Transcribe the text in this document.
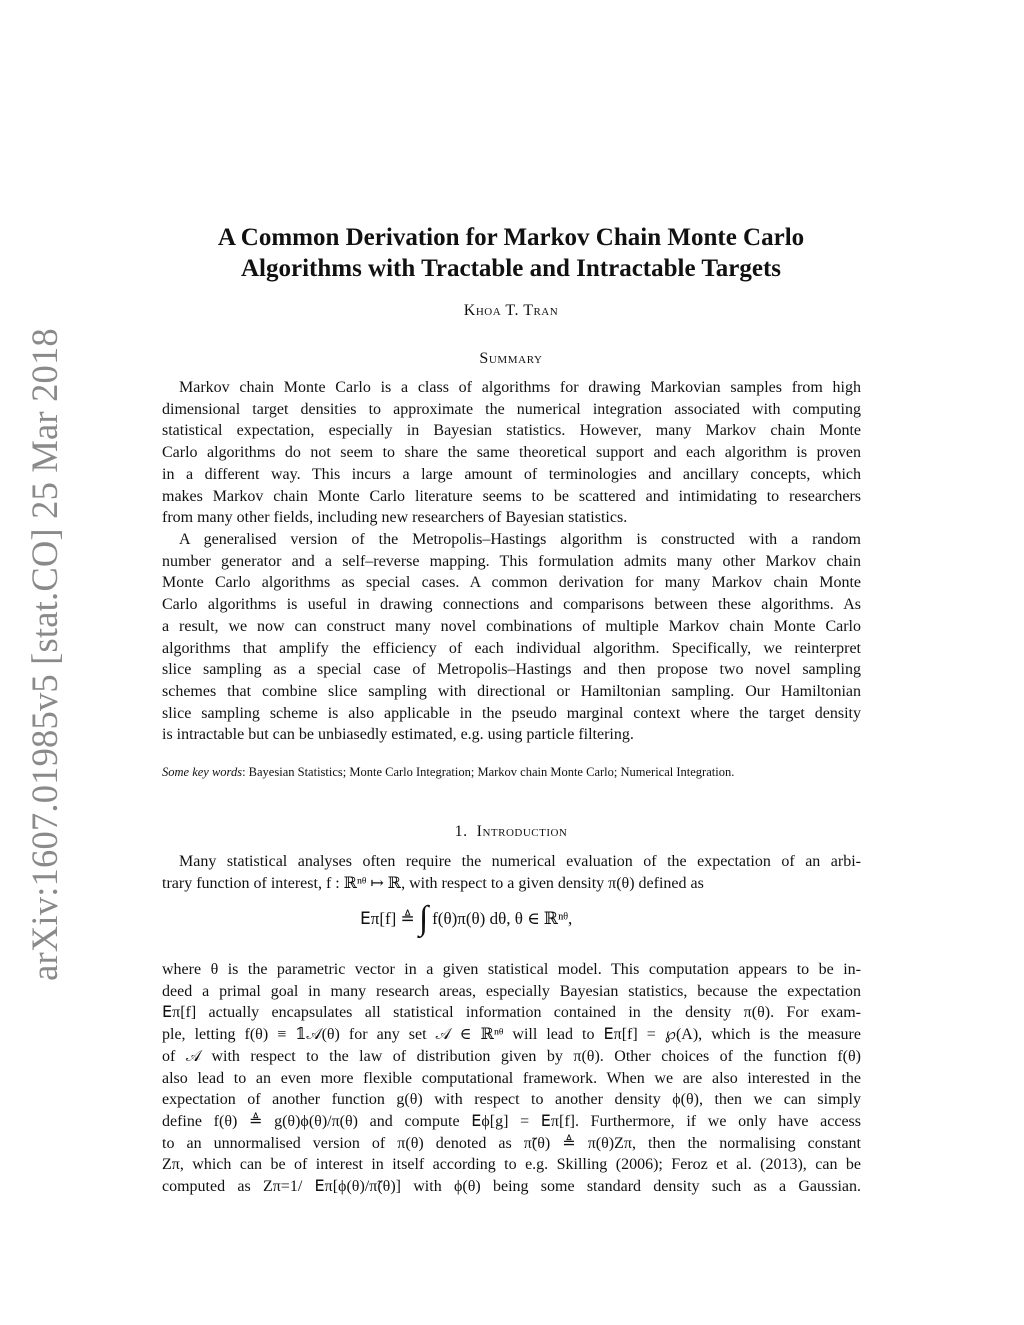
arXiv:1607.01985v5 [stat.CO] 25 Mar 2018
A Common Derivation for Markov Chain Monte Carlo
Algorithms with Tractable and Intractable Targets
Khoa T. Tran
Summary
Markov chain Monte Carlo is a class of algorithms for drawing Markovian samples from high
dimensional target densities to approximate the numerical integration associated with computing
statistical expectation, especially in Bayesian statistics. However, many Markov chain Monte
Carlo algorithms do not seem to share the same theoretical support and each algorithm is proven
in a different way. This incurs a large amount of terminologies and ancillary concepts, which
makes Markov chain Monte Carlo literature seems to be scattered and intimidating to researchers
from many other fields, including new researchers of Bayesian statistics.
A generalised version of the Metropolis–Hastings algorithm is constructed with a random
number generator and a self–reverse mapping. This formulation admits many other Markov chain
Monte Carlo algorithms as special cases. A common derivation for many Markov chain Monte
Carlo algorithms is useful in drawing connections and comparisons between these algorithms. As
a result, we now can construct many novel combinations of multiple Markov chain Monte Carlo
algorithms that amplify the efficiency of each individual algorithm. Specifically, we reinterpret
slice sampling as a special case of Metropolis–Hastings and then propose two novel sampling
schemes that combine slice sampling with directional or Hamiltonian sampling. Our Hamiltonian
slice sampling scheme is also applicable in the pseudo marginal context where the target density
is intractable but can be unbiasedly estimated, e.g. using particle filtering.
Some key words: Bayesian Statistics; Monte Carlo Integration; Markov chain Monte Carlo; Numerical Integration.
1. Introduction
Many statistical analyses often require the numerical evaluation of the expectation of an arbi-
trary function of interest, f : ℝⁿᶿ ↦ ℝ, with respect to a given density π(θ) defined as
𝖤π[f] ≜ ∫ f(θ)π(θ) dθ, θ ∈ ℝⁿᶿ,
where θ is the parametric vector in a given statistical model. This computation appears to be in-
deed a primal goal in many research areas, especially Bayesian statistics, because the expectation
𝖤π[f] actually encapsulates all statistical information contained in the density π(θ). For exam-
ple, letting f(θ) ≡ 𝟙𝒜(θ) for any set 𝒜 ∈ ℝⁿᶿ will lead to 𝖤π[f] = ℘(A), which is the measure
of 𝒜 with respect to the law of distribution given by π(θ). Other choices of the function f(θ)
also lead to an even more flexible computational framework. When we are also interested in the
expectation of another function g(θ) with respect to another density ϕ(θ), then we can simply
define f(θ) ≜ g(θ)ϕ(θ)/π(θ) and compute 𝖤ϕ[g] = 𝖤π[f]. Furthermore, if we only have access
to an unnormalised version of π(θ) denoted as π̃(θ) ≜ π(θ)Zπ, then the normalising constant
Zπ, which can be of interest in itself according to e.g. Skilling (2006); Feroz et al. (2013), can be
computed as Zπ=1/ 𝖤π[ϕ(θ)/π̃(θ)] with ϕ(θ) being some standard density such as a Gaussian.
